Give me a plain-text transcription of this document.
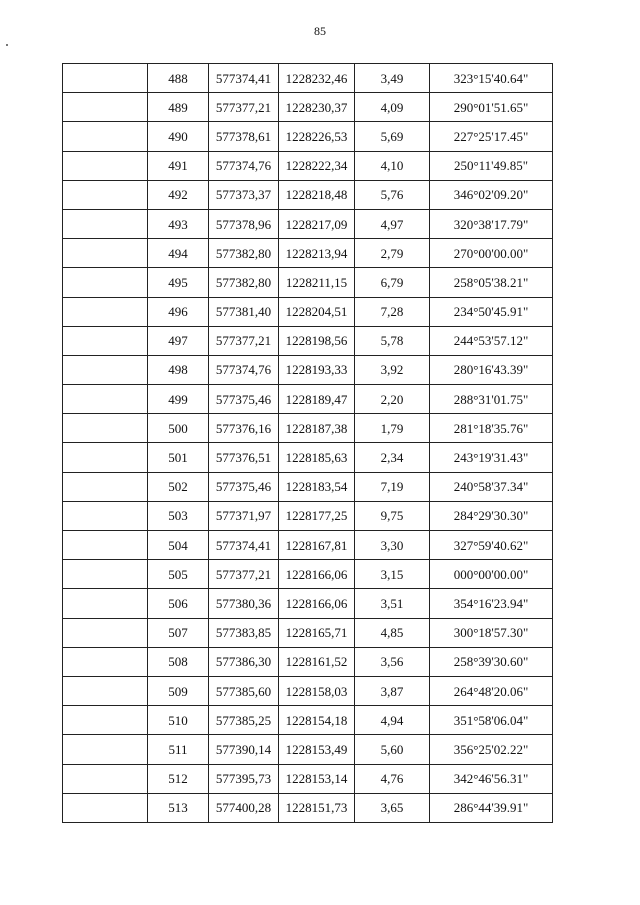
85
	488	577374,41	1228232,46	3,49	323°15'40.64"
	489	577377,21	1228230,37	4,09	290°01'51.65"
	490	577378,61	1228226,53	5,69	227°25'17.45"
	491	577374,76	1228222,34	4,10	250°11'49.85"
	492	577373,37	1228218,48	5,76	346°02'09.20"
	493	577378,96	1228217,09	4,97	320°38'17.79"
	494	577382,80	1228213,94	2,79	270°00'00.00"
	495	577382,80	1228211,15	6,79	258°05'38.21"
	496	577381,40	1228204,51	7,28	234°50'45.91"
	497	577377,21	1228198,56	5,78	244°53'57.12"
	498	577374,76	1228193,33	3,92	280°16'43.39"
	499	577375,46	1228189,47	2,20	288°31'01.75"
	500	577376,16	1228187,38	1,79	281°18'35.76"
	501	577376,51	1228185,63	2,34	243°19'31.43"
	502	577375,46	1228183,54	7,19	240°58'37.34"
	503	577371,97	1228177,25	9,75	284°29'30.30"
	504	577374,41	1228167,81	3,30	327°59'40.62"
	505	577377,21	1228166,06	3,15	000°00'00.00"
	506	577380,36	1228166,06	3,51	354°16'23.94"
	507	577383,85	1228165,71	4,85	300°18'57.30"
	508	577386,30	1228161,52	3,56	258°39'30.60"
	509	577385,60	1228158,03	3,87	264°48'20.06"
	510	577385,25	1228154,18	4,94	351°58'06.04"
	511	577390,14	1228153,49	5,60	356°25'02.22"
	512	577395,73	1228153,14	4,76	342°46'56.31"
	513	577400,28	1228151,73	3,65	286°44'39.91"
